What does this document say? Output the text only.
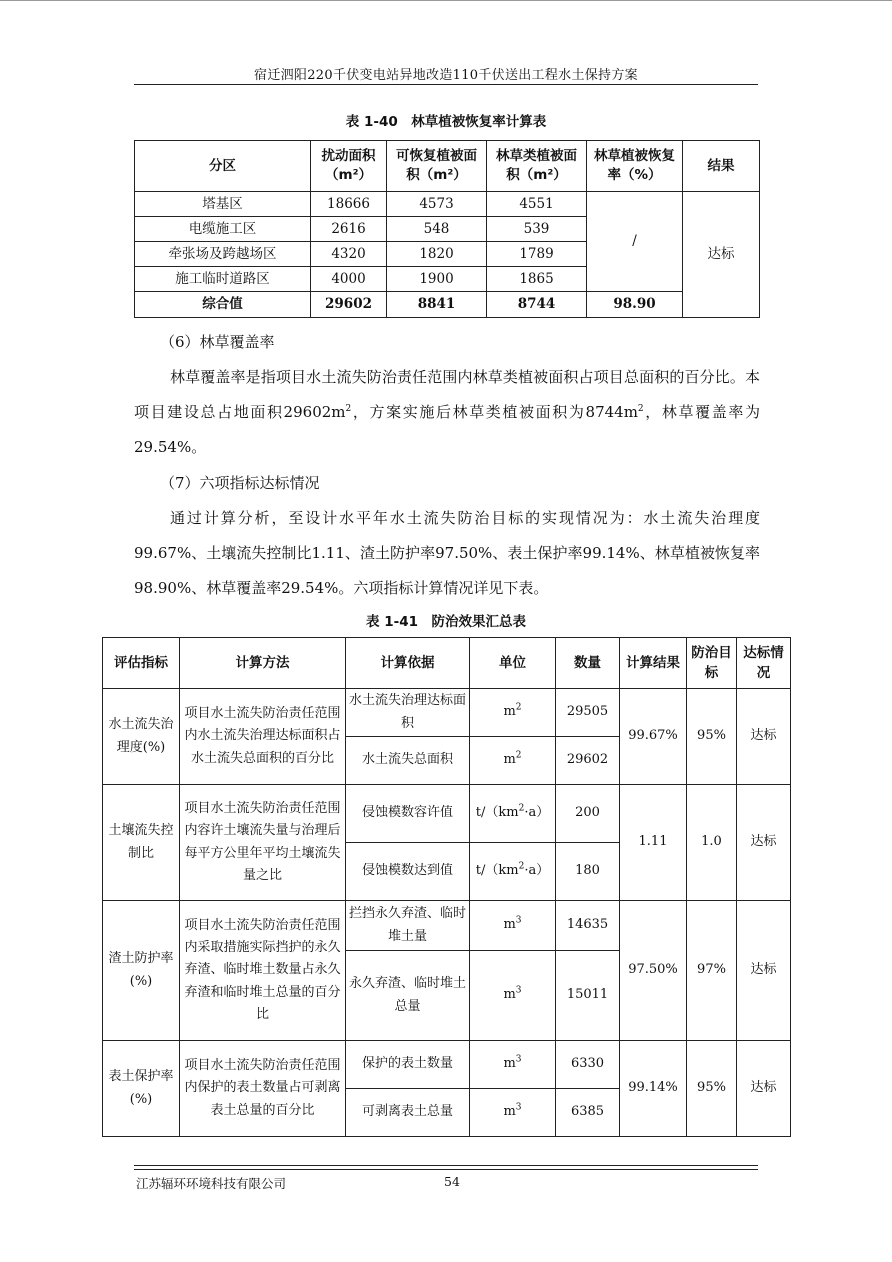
宿迁泗阳220千伏变电站异地改造110千伏送出工程水土保持方案
表 1-40　林草植被恢复率计算表
分区	扰动面积（m²）	可恢复植被面积（m²）	林草类植被面积（m²）	林草植被恢复率（%）	结果
塔基区	18666	4573	4551	/	达标
电缆施工区	2616	548	539		
牵张场及跨越场区	4320	1820	1789		
施工临时道路区	4000	1900	1865		
综合值	29602	8841	8744	98.90	
（6）林草覆盖率
林草覆盖率是指项目水土流失防治责任范围内林草类植被面积占项目总面积的百分比。本项目建设总占地面积$29602m^2$，方案实施后林草类植被面积为$8744m^2$，林草覆盖率为29.54%。
（7）六项指标达标情况
通过计算分析，至设计水平年水土流失防治目标的实现情况为：水土流失治理度99.67%、土壤流失控制比1.11、渣土防护率97.50%、表土保护率99.14%、林草植被恢复率98.90%、林草覆盖率29.54%。六项指标计算情况详见下表。
表 1-41　防治效果汇总表
评估指标	计算方法	计算依据	单位	数量	计算结果	防治目标	达标情况
水土流失治理度(%)	项目水土流失防治责任范围内水土流失治理达标面积占水土流失总面积的百分比	水土流失治理达标面积	$m^2$	29505	99.67%	95%	达标
		水土流失总面积	$m^2$	29602			
土壤流失控制比	项目水土流失防治责任范围内容许土壤流失量与治理后每平方公里年平均土壤流失量之比	侵蚀模数容许值	$t/(km^2\cdot a)$	200	1.11	1.0	达标
		侵蚀模数达到值	$t/(km^2\cdot a)$	180			
渣土防护率(%)	项目水土流失防治责任范围内采取措施实际挡护的永久弃渣、临时堆土数量占永久弃渣和临时堆土总量的百分比	拦挡永久弃渣、临时堆土量	$m^3$	14635	97.50%	97%	达标
		永久弃渣、临时堆土总量	$m^3$	15011			
表土保护率(%)	项目水土流失防治责任范围内保护的表土数量占可剥离表土总量的百分比	保护的表土数量	$m^3$	6330	99.14%	95%	达标
		可剥离表土总量	$m^3$	6385			
江苏辐环环境科技有限公司	54
